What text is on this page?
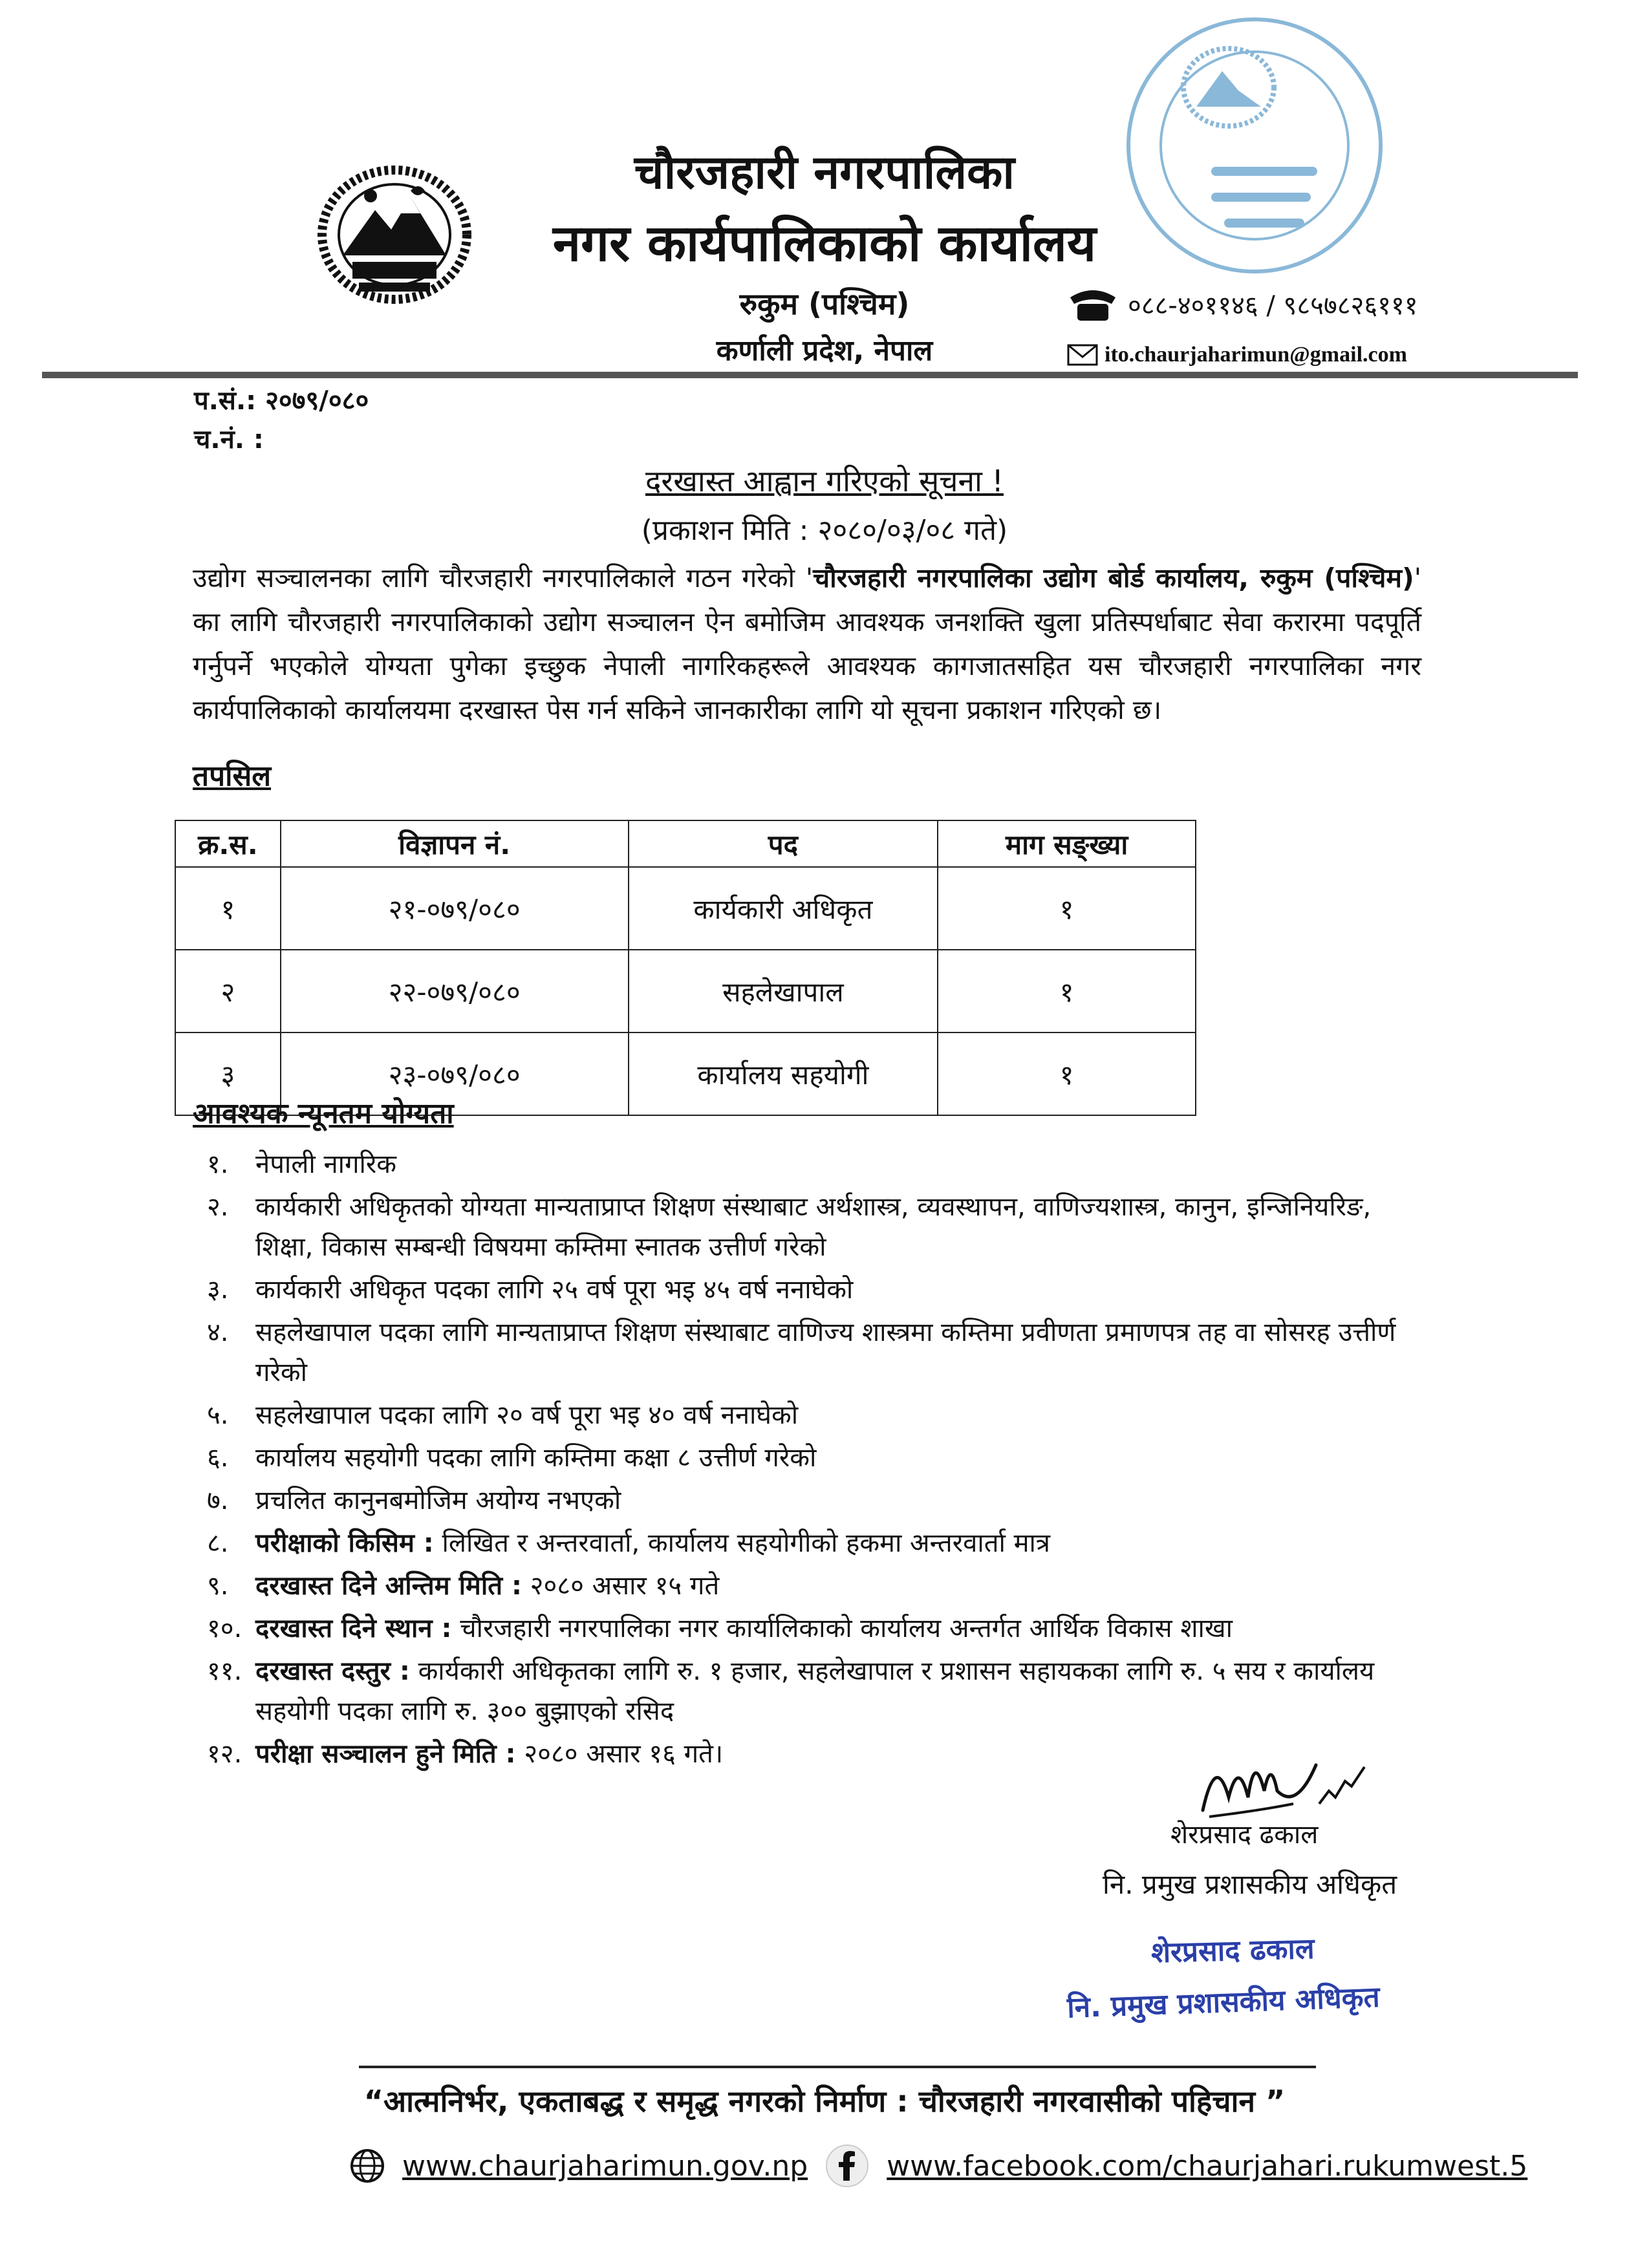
चौरजहारी नगरपालिका
नगर कार्यपालिकाको कार्यालय
रुकुम (पश्चिम)
कर्णाली प्रदेश, नेपाल
०८८-४०११४६ / ९८५७८२६१११
ito.chaurjaharimun@gmail.com
प.सं.: २०७९/०८०
च.नं. :
दरखास्त आह्वान गरिएको सूचना !
(प्रकाशन मिति : २०८०/०३/०८ गते)
उद्योग सञ्चालनका लागि चौरजहारी नगरपालिकाले गठन गरेको 'चौरजहारी नगरपालिका उद्योग बोर्ड कार्यालय, रुकुम (पश्चिम)' का लागि चौरजहारी नगरपालिकाको उद्योग सञ्चालन ऐन बमोजिम आवश्यक जनशक्ति खुला प्रतिस्पर्धाबाट सेवा करारमा पदपूर्ति गर्नुपर्ने भएकोले योग्यता पुगेका इच्छुक नेपाली नागरिकहरूले आवश्यक कागजातसहित यस चौरजहारी नगरपालिका नगर कार्यपालिकाको कार्यालयमा दरखास्त पेस गर्न सकिने जानकारीका लागि यो सूचना प्रकाशन गरिएको छ।
तपसिल
क्र.स.	विज्ञापन नं.	पद	माग सङ्ख्या
१	२१-०७९/०८०	कार्यकारी अधिकृत	१
२	२२-०७९/०८०	सहलेखापाल	१
३	२३-०७९/०८०	कार्यालय सहयोगी	१
आवश्यक न्यूनतम योग्यता
१.	नेपाली नागरिक
२.	कार्यकारी अधिकृतको योग्यता मान्यताप्राप्त शिक्षण संस्थाबाट अर्थशास्त्र, व्यवस्थापन, वाणिज्यशास्त्र, कानुन, इन्जिनियरिङ, शिक्षा, विकास सम्बन्धी विषयमा कम्तिमा स्नातक उत्तीर्ण गरेको
३.	कार्यकारी अधिकृत पदका लागि २५ वर्ष पूरा भइ ४५ वर्ष ननाघेको
४.	सहलेखापाल पदका लागि मान्यताप्राप्त शिक्षण संस्थाबाट वाणिज्य शास्त्रमा कम्तिमा प्रवीणता प्रमाणपत्र तह वा सोसरह उत्तीर्ण गरेको
५.	सहलेखापाल पदका लागि २० वर्ष पूरा भइ ४० वर्ष ननाघेको
६.	कार्यालय सहयोगी पदका लागि कम्तिमा कक्षा ८ उत्तीर्ण गरेको
७.	प्रचलित कानुनबमोजिम अयोग्य नभएको
८.	परीक्षाको किसिम : लिखित र अन्तरवार्ता, कार्यालय सहयोगीको हकमा अन्तरवार्ता मात्र
९.	दरखास्त दिने अन्तिम मिति : २०८० असार १५ गते
१०. दरखास्त दिने स्थान : चौरजहारी नगरपालिका नगर कार्यालिकाको कार्यालय अन्तर्गत आर्थिक विकास शाखा
११. दरखास्त दस्तुर : कार्यकारी अधिकृतका लागि रु. १ हजार, सहलेखापाल र प्रशासन सहायकका लागि रु. ५ सय र कार्यालय सहयोगी पदका लागि रु. ३०० बुझाएको रसिद
१२. परीक्षा सञ्चालन हुने मिति : २०८० असार १६ गते।
शेरप्रसाद ढकाल
नि. प्रमुख प्रशासकीय अधिकृत
शेरप्रसाद ढकाल
नि. प्रमुख प्रशासकीय अधिकृत
“आत्मनिर्भर, एकताबद्ध र समृद्ध नगरको निर्माण : चौरजहारी नगरवासीको पहिचान ”
www.chaurjaharimun.gov.np	www.facebook.com/chaurjahari.rukumwest.5
